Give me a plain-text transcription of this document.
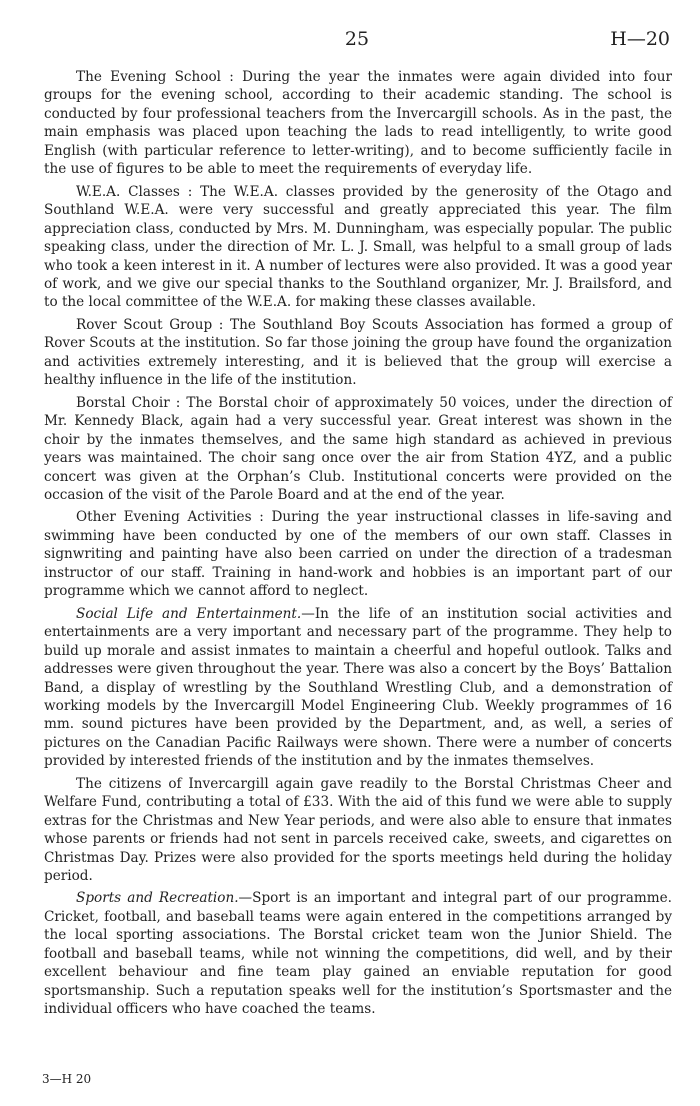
25	H—20

The Evening School : During the year the inmates were again divided into four groups for the evening school, according to their academic standing. The school is conducted by four professional teachers from the Invercargill schools. As in the past, the main emphasis was placed upon teaching the lads to read intelligently, to write good English (with particular reference to letter-writing), and to become sufficiently facile in the use of figures to be able to meet the requirements of everyday life.

W.E.A. Classes : The W.E.A. classes provided by the generosity of the Otago and Southland W.E.A. were very successful and greatly appreciated this year. The film appreciation class, conducted by Mrs. M. Dunningham, was especially popular. The public speaking class, under the direction of Mr. L. J. Small, was helpful to a small group of lads who took a keen interest in it. A number of lectures were also provided. It was a good year of work, and we give our special thanks to the Southland organizer, Mr. J. Brailsford, and to the local committee of the W.E.A. for making these classes available.

Rover Scout Group : The Southland Boy Scouts Association has formed a group of Rover Scouts at the institution. So far those joining the group have found the organization and activities extremely interesting, and it is believed that the group will exercise a healthy influence in the life of the institution.

Borstal Choir : The Borstal choir of approximately 50 voices, under the direction of Mr. Kennedy Black, again had a very successful year. Great interest was shown in the choir by the inmates themselves, and the same high standard as achieved in previous years was maintained. The choir sang once over the air from Station 4YZ, and a public concert was given at the Orphan’s Club. Institutional concerts were provided on the occasion of the visit of the Parole Board and at the end of the year.

Other Evening Activities : During the year instructional classes in life-saving and swimming have been conducted by one of the members of our own staff. Classes in signwriting and painting have also been carried on under the direction of a tradesman instructor of our staff. Training in hand-work and hobbies is an important part of our programme which we cannot afford to neglect.

Social Life and Entertainment.—In the life of an institution social activities and entertainments are a very important and necessary part of the programme. They help to build up morale and assist inmates to maintain a cheerful and hopeful outlook. Talks and addresses were given throughout the year. There was also a concert by the Boys’ Battalion Band, a display of wrestling by the Southland Wrestling Club, and a demonstration of working models by the Invercargill Model Engineering Club. Weekly programmes of 16 mm. sound pictures have been provided by the Department, and, as well, a series of pictures on the Canadian Pacific Railways were shown. There were a number of concerts provided by interested friends of the institution and by the inmates themselves.

The citizens of Invercargill again gave readily to the Borstal Christmas Cheer and Welfare Fund, contributing a total of £33. With the aid of this fund we were able to supply extras for the Christmas and New Year periods, and were also able to ensure that inmates whose parents or friends had not sent in parcels received cake, sweets, and cigarettes on Christmas Day. Prizes were also provided for the sports meetings held during the holiday period.

Sports and Recreation.—Sport is an important and integral part of our programme. Cricket, football, and baseball teams were again entered in the competitions arranged by the local sporting associations. The Borstal cricket team won the Junior Shield. The football and baseball teams, while not winning the competitions, did well, and by their excellent behaviour and fine team play gained an enviable reputation for good sportsmanship. Such a reputation speaks well for the institution’s Sportsmaster and the individual officers who have coached the teams.

3—H 20
